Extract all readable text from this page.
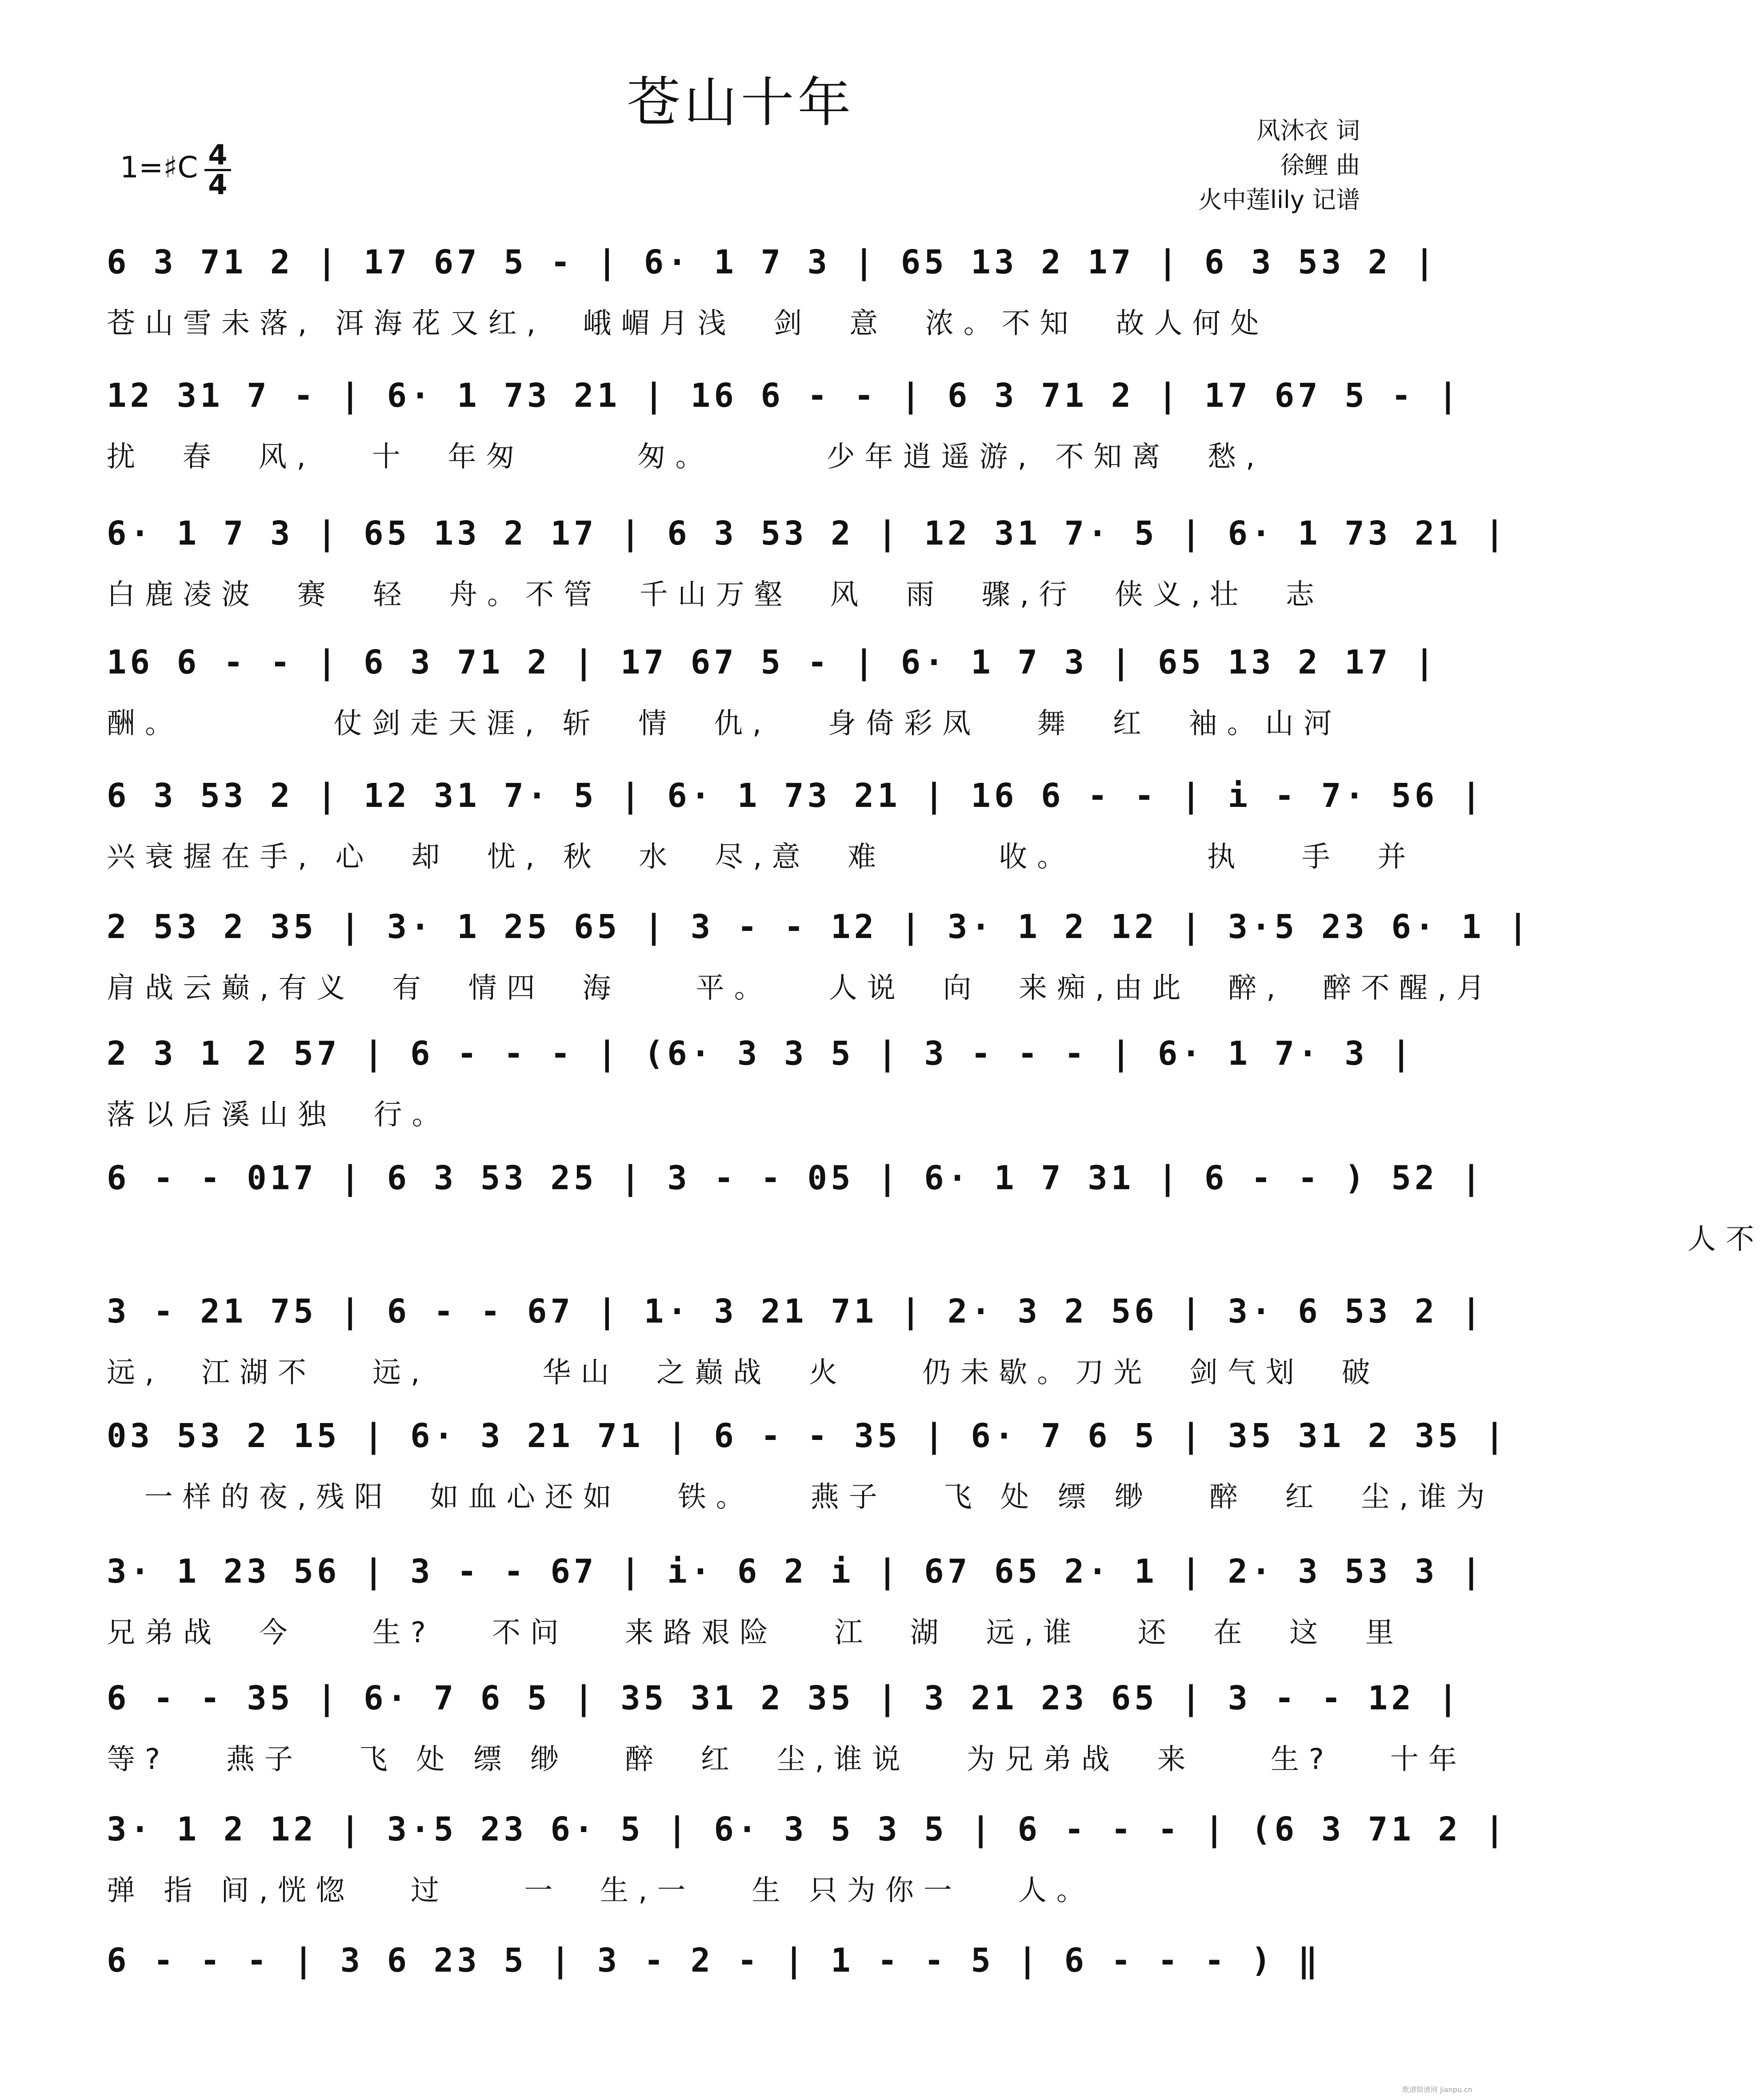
苍山十年
1=♯C 4
4
风沐衣 词
徐鲤 曲
火中莲lily 记谱
6 3 71 2 | 17 67 5 - | 6· 1 7 3 | 65 13 2 17 | 6 3 53 2 |
苍山雪未落, 洱海花又红,  峨嵋月浅  剑  意  浓。不知  故人何处
12 31 7 - | 6· 1 73 21 | 16 6 - - | 6 3 71 2 | 17 67 5 - |
扰  春  风,   十  年匆      匆。      少年逍遥游, 不知离  愁,
6· 1 7 3 | 65 13 2 17 | 6 3 53 2 | 12 31 7· 5 | 6· 1 73 21 |
白鹿凌波  赛  轻  舟。不管  千山万壑  风  雨  骤,行  侠义,壮  志
16 6 - - | 6 3 71 2 | 17 67 5 - | 6· 1 7 3 | 65 13 2 17 |
酬。        仗剑走天涯, 斩  情  仇,   身倚彩凤   舞  红  袖。山河
6 3 53 2 | 12 31 7· 5 | 6· 1 73 21 | 16 6 - - | i - 7· 56 |
兴衰握在手, 心  却  忧, 秋  水  尽,意  难      收。       执   手  并
2 53 2 35 | 3· 1 25 65 | 3 - - 12 | 3· 1 2 12 | 3·5 23 6· 1 |
肩战云巅,有义  有  情四  海    平。   人说  向  来痴,由此  醉,  醉不醒,月
2 3 1 2 57 | 6 - - - | (6· 3 3 5 | 3 - - - | 6· 1 7· 3 |
落以后溪山独  行。
6 - - 017 | 6 3 53 25 | 3 - - 05 | 6· 1 7 31 | 6 - - ) 52 |
人不
3 - 21 75 | 6 - - 67 | 1· 3 21 71 | 2· 3 2 56 | 3· 6 53 2 |
远,  江湖不   远,      华山  之巅战  火    仍未歇。刀光  剑气划  破
03 53 2 15 | 6· 3 21 71 | 6 - - 35 | 6· 7 6 5 | 35 31 2 35 |
一样的夜,残阳  如血心还如   铁。   燕子   飞 处 缥 缈   醉  红  尘,谁为
3· 1 23 56 | 3 - - 67 | i· 6 2 i | 67 65 2· 1 | 2· 3 53 3 |
兄弟战  今    生?   不问   来路艰险   江  湖  远,谁   还  在  这  里
6 - - 35 | 6· 7 6 5 | 35 31 2 35 | 3 21 23 65 | 3 - - 12 |
等?   燕子   飞 处 缥 缈   醉  红  尘,谁说   为兄弟战  来    生?   十年
3· 1 2 12 | 3·5 23 6· 5 | 6· 3 5 3 5 | 6 - - - | (6 3 71 2 |
弹 指 间,恍惚   过    一  生,一   生 只为你一   人。
6 - - - | 3 6 23 5 | 3 - 2 - | 1 - - 5 | 6 - - - ) ‖
歌谱简谱网 jianpu.cn
